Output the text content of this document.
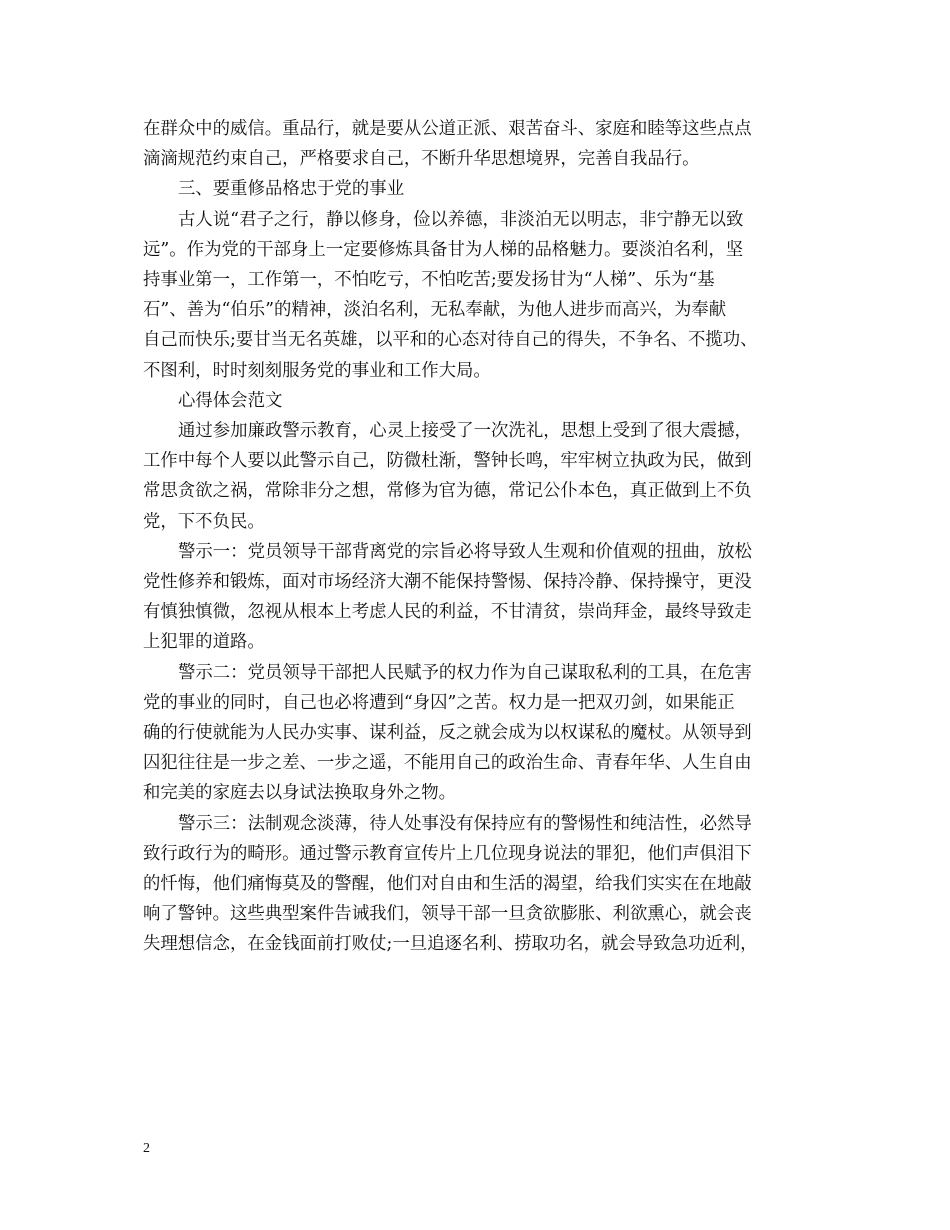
在群众中的威信。重品行，就是要从公道正派、艰苦奋斗、家庭和睦等这些点点
滴滴规范约束自己，严格要求自己，不断升华思想境界，完善自我品行。

三、要重修品格忠于党的事业

古人说“君子之行，静以修身，俭以养德，非淡泊无以明志，非宁静无以致
远”。作为党的干部身上一定要修炼具备甘为人梯的品格魅力。要淡泊名利，坚
持事业第一，工作第一，不怕吃亏，不怕吃苦;要发扬甘为“人梯”、乐为“基
石”、善为“伯乐”的精神，淡泊名利，无私奉献，为他人进步而高兴，为奉献
自己而快乐;要甘当无名英雄，以平和的心态对待自己的得失，不争名、不揽功、
不图利，时时刻刻服务党的事业和工作大局。

心得体会范文

通过参加廉政警示教育，心灵上接受了一次洗礼，思想上受到了很大震撼，
工作中每个人要以此警示自己，防微杜渐，警钟长鸣，牢牢树立执政为民，做到
常思贪欲之祸，常除非分之想，常修为官为德，常记公仆本色，真正做到上不负
党，下不负民。

警示一：党员领导干部背离党的宗旨必将导致人生观和价值观的扭曲，放松
党性修养和锻炼，面对市场经济大潮不能保持警惕、保持冷静、保持操守，更没
有慎独慎微，忽视从根本上考虑人民的利益，不甘清贫，崇尚拜金，最终导致走
上犯罪的道路。

警示二：党员领导干部把人民赋予的权力作为自己谋取私利的工具，在危害
党的事业的同时，自己也必将遭到“身囚”之苦。权力是一把双刃剑，如果能正
确的行使就能为人民办实事、谋利益，反之就会成为以权谋私的魔杖。从领导到
囚犯往往是一步之差、一步之遥，不能用自己的政治生命、青春年华、人生自由
和完美的家庭去以身试法换取身外之物。

警示三：法制观念淡薄，待人处事没有保持应有的警惕性和纯洁性，必然导
致行政行为的畸形。通过警示教育宣传片上几位现身说法的罪犯，他们声俱泪下
的忏悔，他们痛悔莫及的警醒，他们对自由和生活的渴望，给我们实实在在地敲
响了警钟。这些典型案件告诫我们，领导干部一旦贪欲膨胀、利欲熏心，就会丧
失理想信念，在金钱面前打败仗;一旦追逐名利、捞取功名，就会导致急功近利，

2
